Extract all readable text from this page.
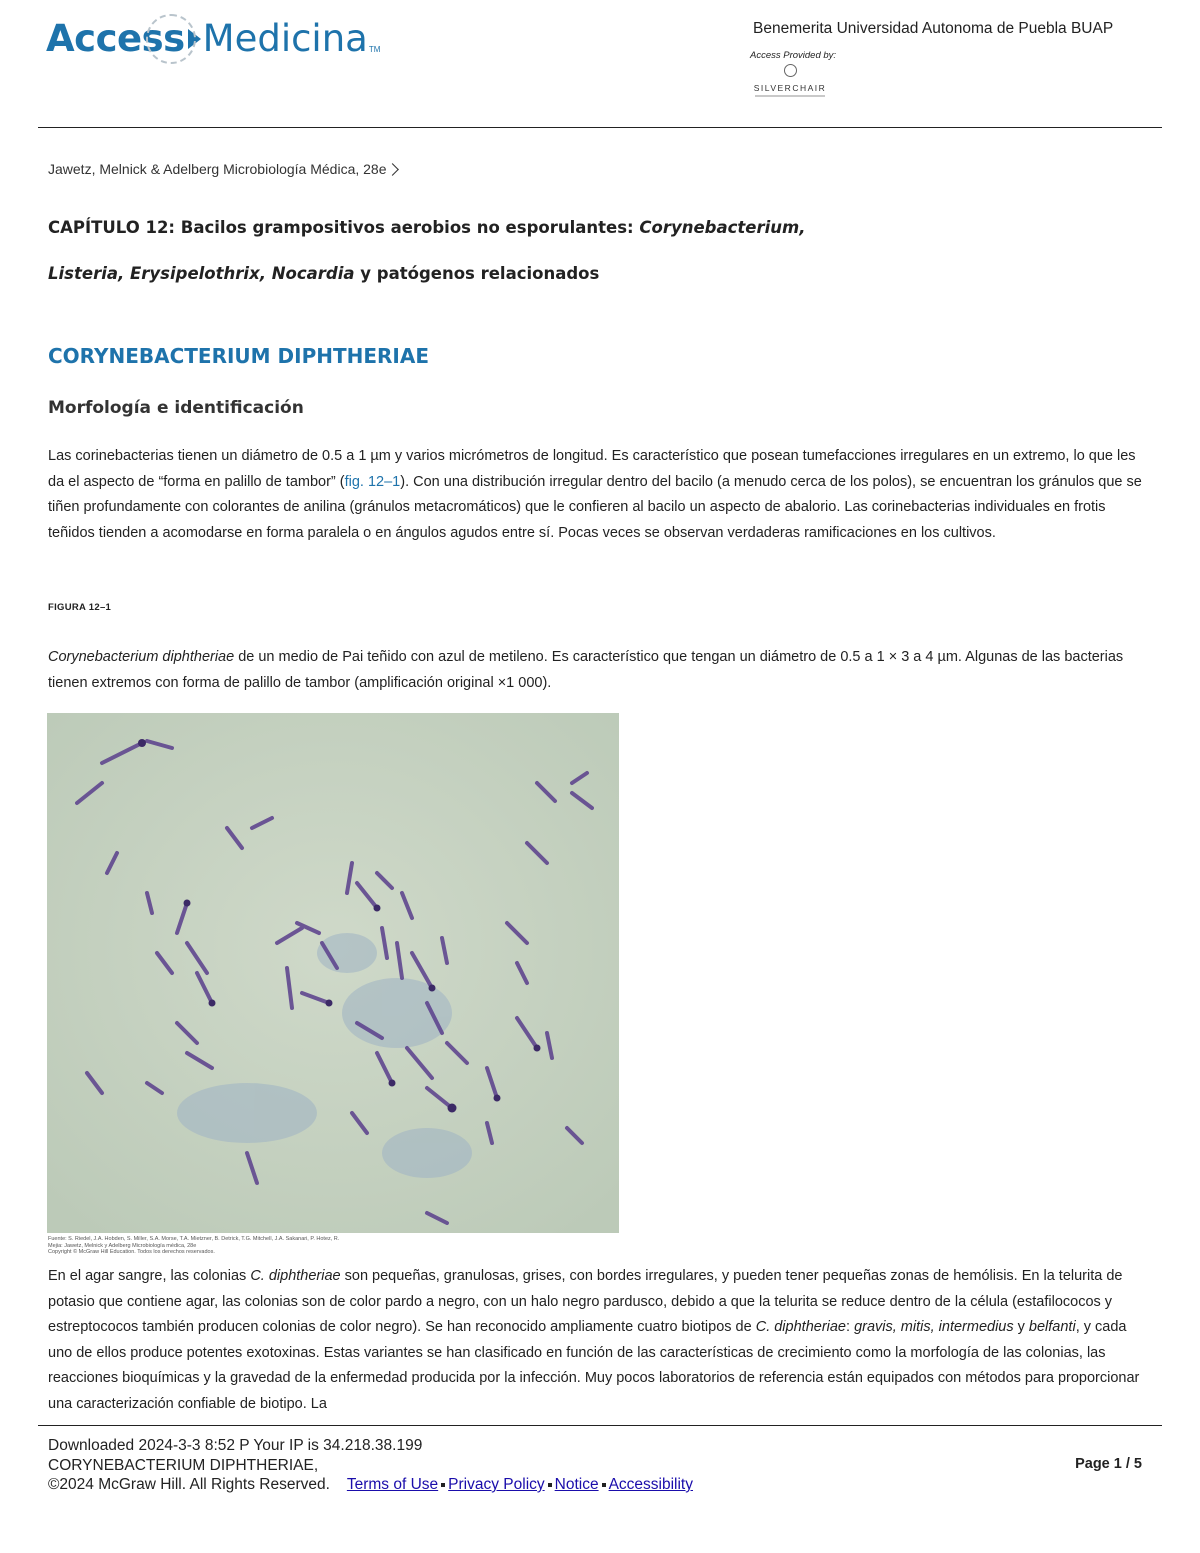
Access Medicina TM
Benemerita Universidad Autonoma de Puebla BUAP
Access Provided by:
SILVERCHAIR
Jawetz, Melnick & Adelberg Microbiología Médica, 28e
CAPÍTULO 12: Bacilos grampositivos aerobios no esporulantes: Corynebacterium,
Listeria, Erysipelothrix, Nocardia y patógenos relacionados
CORYNEBACTERIUM DIPHTHERIAE
Morfología e identificación

Las corinebacterias tienen un diámetro de 0.5 a 1 µm y varios micrómetros de longitud. Es característico que posean tumefacciones irregulares en un extremo, lo que les da el aspecto de “forma en palillo de tambor” (fig. 12–1). Con una distribución irregular dentro del bacilo (a menudo cerca de los polos), se encuentran los gránulos que se tiñen profundamente con colorantes de anilina (gránulos metacromáticos) que le confieren al bacilo un aspecto de abalorio. Las corinebacterias individuales en frotis teñidos tienden a acomodarse en forma paralela o en ángulos agudos entre sí. Pocas veces se observan verdaderas ramificaciones en los cultivos.

FIGURA 12–1

Corynebacterium diphtheriae de un medio de Pai teñido con azul de metileno. Es característico que tengan un diámetro de 0.5 a 1 × 3 a 4 µm. Algunas de las bacterias tienen extremos con forma de palillo de tambor (amplificación original ×1 000).

Fuente: S. Riedel, J.A. Hobden, S. Miller, S.A. Morse, T.A. Mietzner, B. Detrick, T.G. Mitchell, J.A. Sakanari, P. Hotez, R. Mejia: Jawetz, Melnick y Adelberg Microbiología médica, 28e
Copyright © McGraw Hill Education. Todos los derechos reservados.

En el agar sangre, las colonias C. diphtheriae son pequeñas, granulosas, grises, con bordes irregulares, y pueden tener pequeñas zonas de hemólisis. En la telurita de potasio que contiene agar, las colonias son de color pardo a negro, con un halo negro pardusco, debido a que la telurita se reduce dentro de la célula (estafilococos y estreptococos también producen colonias de color negro). Se han reconocido ampliamente cuatro biotipos de C. diphtheriae: gravis, mitis, intermedius y belfanti, y cada uno de ellos produce potentes exotoxinas. Estas variantes se han clasificado en función de las características de crecimiento como la morfología de las colonias, las reacciones bioquímicas y la gravedad de la enfermedad producida por la infección. Muy pocos laboratorios de referencia están equipados con métodos para proporcionar una caracterización confiable de biotipo. La

Downloaded 2024-3-3 8:52 P Your IP is 34.218.38.199
CORYNEBACTERIUM DIPHTHERIAE,
©2024 McGraw Hill. All Rights Reserved. Terms of Use Privacy Policy Notice Accessibility
Page 1 / 5
